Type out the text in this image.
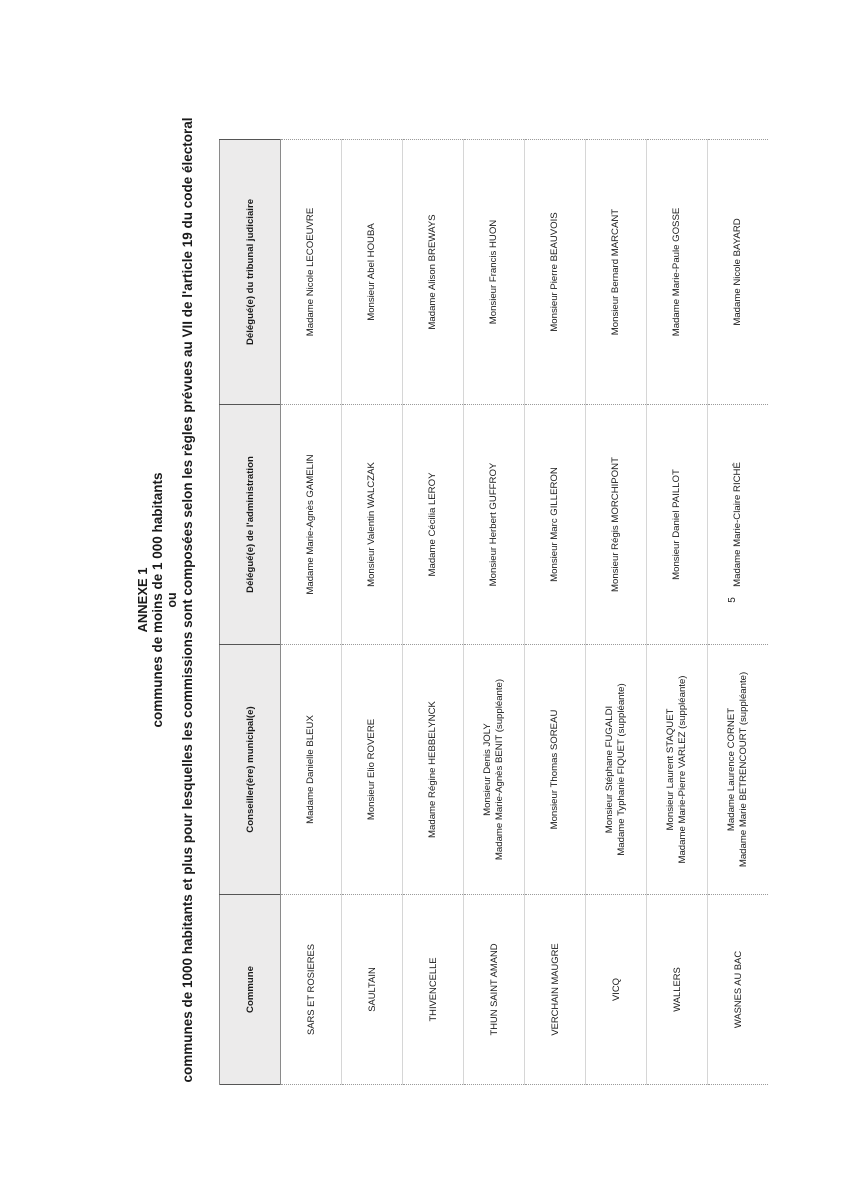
ANNEXE 1 communes de moins de 1 000 habitants ou communes de 1000 habitants et plus pour lesquelles les commissions sont composées selon les règles prévues au VII de l'article 19 du code électoral	Commune	Conseiller(ère) municipal(e)	Délégué(e) de l'administration	Délégué(e) du tribunal judiciaire
SARS ET ROSIERES	Madame Danielle BLEUX	Madame Marie-Agnès GAMELIN	Madame Nicole LECOEUVRE
SAULTAIN	Monsieur Elio ROVERE	Monsieur Valentin WALCZAK	Monsieur Abel HOUBA
THIVENCELLE	Madame Régine HEBBELYNCK	Madame Cécilia LEROY	Madame Alison BREWAYS
THUN SAINT AMAND	Monsieur Denis JOLY Madame Marie-Agnès BENIT (suppléante)	Monsieur Herbert GUFFROY	Monsieur Francis HUON
VERCHAIN MAUGRE	Monsieur Thomas SOREAU	Monsieur Marc GILLERON	Monsieur Pierre BEAUVOIS
VICQ	Monsieur Stéphane FUGALDI Madame Typhanie FIQUET (suppléante)	Monsieur Régis MORCHIPONT	Monsieur Bernard MARCANT
WALLERS	Monsieur Laurent STAQUET Madame Marie-Pierre VARLEZ (suppléante)	Monsieur Daniel PAILLOT	Madame Marie-Paule GOSSE
WASNES AU BAC	Madame Laurence CORNET Madame Marie BETRENCOURT (suppléante)	Madame Marie-Claire RICHÉ	Madame Nicole BAYARD
5
